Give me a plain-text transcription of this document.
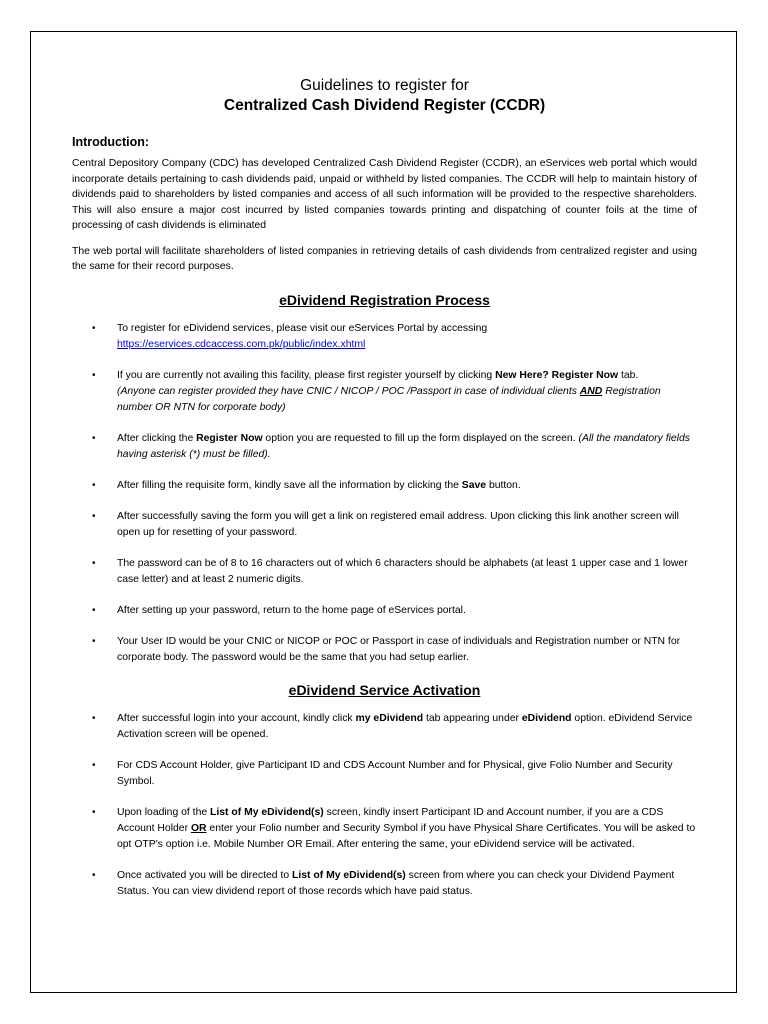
Guidelines to register for

Centralized Cash Dividend Register (CCDR)

Introduction:

Central Depository Company (CDC) has developed Centralized Cash Dividend Register (CCDR), an eServices web portal which would incorporate details pertaining to cash dividends paid, unpaid or withheld by listed companies. The CCDR will help to maintain history of dividends paid to shareholders by listed companies and access of all such information will be provided to the respective shareholders. This will also ensure a major cost incurred by listed companies towards printing and dispatching of counter foils at the time of processing of cash dividends is eliminated

The web portal will facilitate shareholders of listed companies in retrieving details of cash dividends from centralized register and using the same for their record purposes.

eDividend Registration Process

• To register for eDividend services, please visit our eServices Portal by accessing
https://eservices.cdcaccess.com.pk/public/index.xhtml
• If you are currently not availing this facility, please first register yourself by clicking New Here? Register Now tab.
(Anyone can register provided they have CNIC / NICOP / POC /Passport in case of individual clients AND Registration number OR NTN for corporate body)
• After clicking the Register Now option you are requested to fill up the form displayed on the screen. (All the mandatory fields having asterisk (*) must be filled).
• After filling the requisite form, kindly save all the information by clicking the Save button.
• After successfully saving the form you will get a link on registered email address. Upon clicking this link another screen will open up for resetting of your password.
• The password can be of 8 to 16 characters out of which 6 characters should be alphabets (at least 1 upper case and 1 lower case letter) and at least 2 numeric digits.
• After setting up your password, return to the home page of eServices portal.
• Your User ID would be your CNIC or NICOP or POC or Passport in case of individuals and Registration number or NTN for corporate body. The password would be the same that you had setup earlier.

eDividend Service Activation

• After successful login into your account, kindly click my eDividend tab appearing under eDividend option. eDividend Service Activation screen will be opened.
• For CDS Account Holder, give Participant ID and CDS Account Number and for Physical, give Folio Number and Security Symbol.
• Upon loading of the List of My eDividend(s) screen, kindly insert Participant ID and Account number, if you are a CDS Account Holder OR enter your Folio number and Security Symbol if you have Physical Share Certificates. You will be asked to opt OTP's option i.e. Mobile Number OR Email. After entering the same, your eDividend service will be activated.
• Once activated you will be directed to List of My eDividend(s) screen from where you can check your Dividend Payment Status. You can view dividend report of those records which have paid status.
